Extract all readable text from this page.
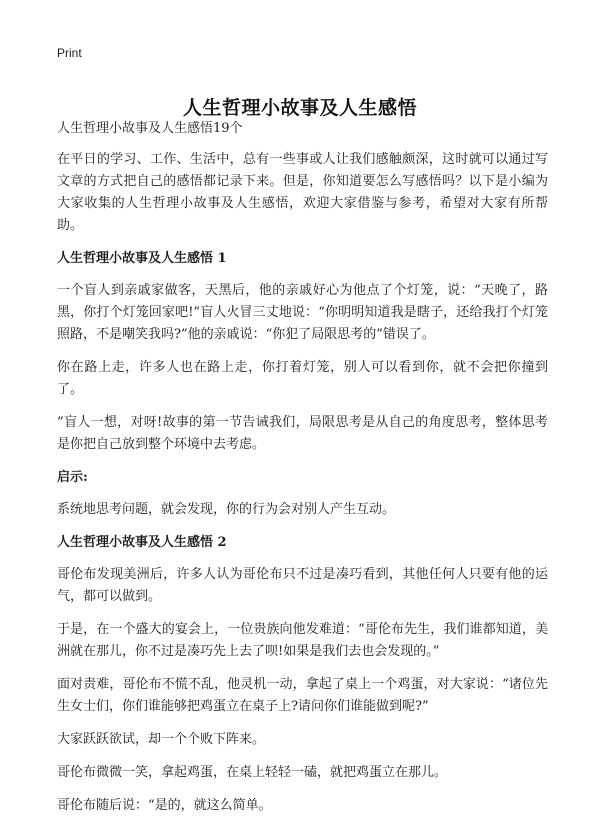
Print
人生哲理小故事及人生感悟

人生哲理小故事及人生感悟19个

在平日的学习、工作、生活中，总有一些事或人让我们感触颇深，这时就可以通过写文章的方式把自己的感悟都记录下来。但是，你知道要怎么写感悟吗？以下是小编为大家收集的人生哲理小故事及人生感悟，欢迎大家借鉴与参考，希望对大家有所帮助。

人生哲理小故事及人生感悟 1

一个盲人到亲戚家做客，天黑后，他的亲戚好心为他点了个灯笼，说：“天晚了，路黑，你打个灯笼回家吧!”盲人火冒三丈地说：“你明明知道我是瞎子，还给我打个灯笼照路，不是嘲笑我吗?”他的亲戚说：“你犯了局限思考的”错误了。

你在路上走，许多人也在路上走，你打着灯笼，别人可以看到你，就不会把你撞到了。

”盲人一想，对呀!故事的第一节告诫我们，局限思考是从自己的角度思考，整体思考是你把自己放到整个环境中去考虑。

启示:

系统地思考问题，就会发现，你的行为会对别人产生互动。

人生哲理小故事及人生感悟 2

哥伦布发现美洲后，许多人认为哥伦布只不过是凑巧看到，其他任何人只要有他的运气，都可以做到。

于是，在一个盛大的宴会上，一位贵族向他发难道：“哥伦布先生，我们谁都知道，美洲就在那儿，你不过是凑巧先上去了呗!如果是我们去也会发现的。”

面对责难，哥伦布不慌不乱，他灵机一动，拿起了桌上一个鸡蛋，对大家说：“诸位先生女士们，你们谁能够把鸡蛋立在桌子上?请问你们谁能做到呢?”

大家跃跃欲试，却一个个败下阵来。

哥伦布微微一笑，拿起鸡蛋，在桌上轻轻一磕，就把鸡蛋立在那儿。

哥伦布随后说：“是的，就这么简单。
